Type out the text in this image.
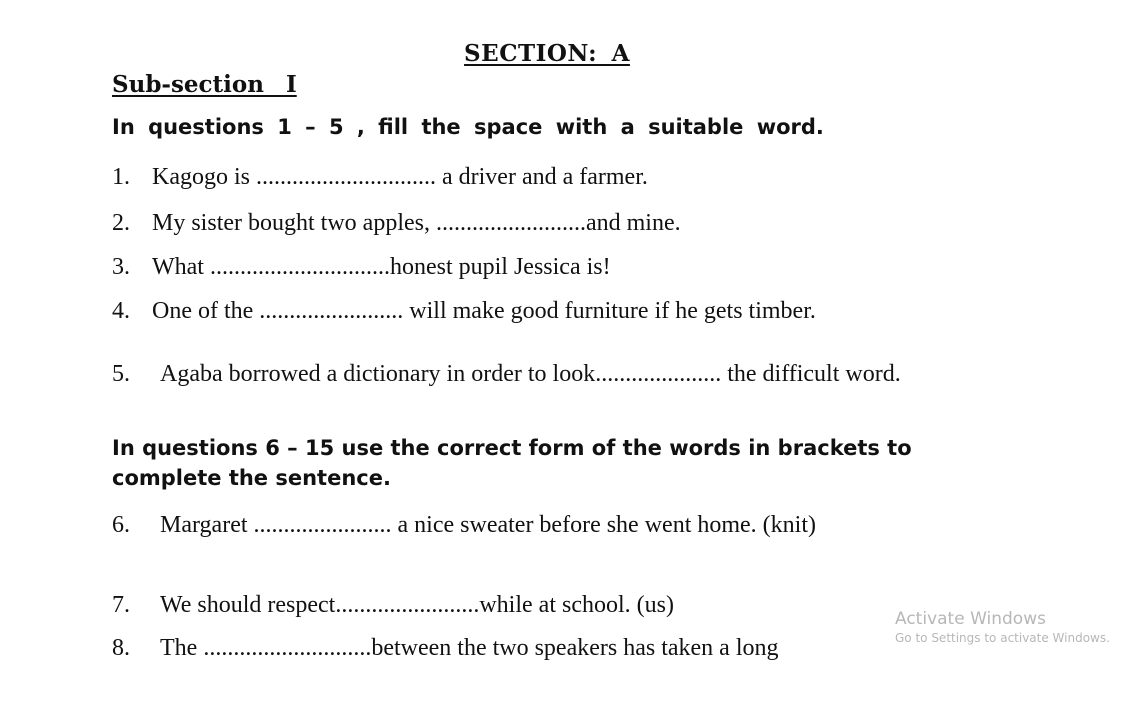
SECTION: A
Sub-section I
In questions 1 – 5 , fill the space with a suitable word.
1. Kagogo is .............................. a driver and a farmer.
2. My sister bought two apples, .........................and mine.
3. What ..............................honest pupil Jessica is!
4. One of the ........................ will make good furniture if he gets timber.
5. Agaba borrowed a dictionary in order to look..................... the difficult word.
In questions 6 – 15 use the correct form of the words in brackets to complete the sentence.
6. Margaret ....................... a nice sweater before she went home. (knit)
7. We should respect........................while at school. (us)
8. The ............................between the two speakers has taken a long
Activate Windows
Go to Settings to activate Windows.
